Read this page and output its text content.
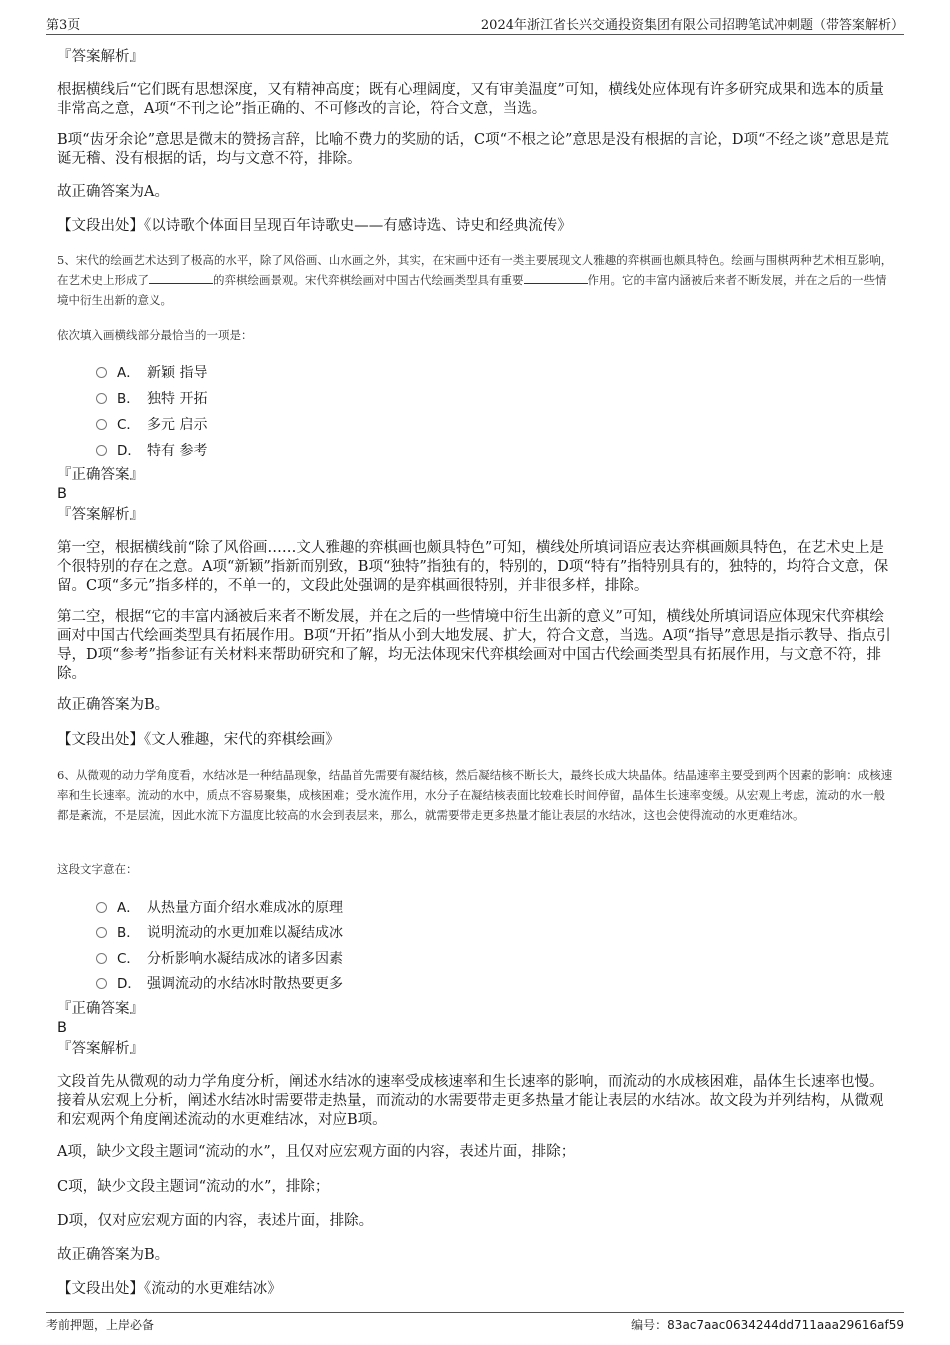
第3页	2024年浙江省长兴交通投资集团有限公司招聘笔试冲刺题（带答案解析）
『答案解析』
根据横线后“它们既有思想深度，又有精神高度；既有心理阔度，又有审美温度”可知，横线处应体现有许多研究成果和选本的质量非常高之意，A项“不刊之论”指正确的、不可修改的言论，符合文意，当选。
B项“齿牙余论”意思是微末的赞扬言辞，比喻不费力的奖励的话，C项“不根之论”意思是没有根据的言论，D项“不经之谈”意思是荒诞无稽、没有根据的话，均与文意不符，排除。
故正确答案为A。
【文段出处】《以诗歌个体面目呈现百年诗歌史——有感诗选、诗史和经典流传》
5、宋代的绘画艺术达到了极高的水平，除了风俗画、山水画之外，其实，在宋画中还有一类主要展现文人雅趣的弈棋画也颇具特色。绘画与围棋两种艺术相互影响，在艺术史上形成了	的弈棋绘画景观。宋代弈棋绘画对中国古代绘画类型具有重要	作用。它的丰富内涵被后来者不断发展，并在之后的一些情境中衍生出新的意义。
依次填入画横线部分最恰当的一项是：
A． 新颖 指导
B． 独特 开拓
C． 多元 启示
D． 特有 参考
『正确答案』
B
『答案解析』
第一空，根据横线前“除了风俗画……文人雅趣的弈棋画也颇具特色”可知，横线处所填词语应表达弈棋画颇具特色，在艺术史上是个很特别的存在之意。A项“新颖”指新而别致，B项“独特”指独有的，特别的，D项“特有”指特别具有的，独特的，均符合文意，保留。C项“多元”指多样的，不单一的，文段此处强调的是弈棋画很特别，并非很多样，排除。
第二空，根据“它的丰富内涵被后来者不断发展，并在之后的一些情境中衍生出新的意义”可知，横线处所填词语应体现宋代弈棋绘画对中国古代绘画类型具有拓展作用。B项“开拓”指从小到大地发展、扩大，符合文意，当选。A项“指导”意思是指示教导、指点引导，D项“参考”指参证有关材料来帮助研究和了解，均无法体现宋代弈棋绘画对中国古代绘画类型具有拓展作用，与文意不符，排除。
故正确答案为B。
【文段出处】《文人雅趣，宋代的弈棋绘画》
6、从微观的动力学角度看，水结冰是一种结晶现象，结晶首先需要有凝结核，然后凝结核不断长大，最终长成大块晶体。结晶速率主要受到两个因素的影响：成核速率和生长速率。流动的水中，质点不容易聚集，成核困难；受水流作用，水分子在凝结核表面比较难长时间停留，晶体生长速率变缓。从宏观上考虑，流动的水一般都是紊流，不是层流，因此水流下方温度比较高的水会到表层来，那么，就需要带走更多热量才能让表层的水结冰，这也会使得流动的水更难结冰。
这段文字意在：
A． 从热量方面介绍水难成冰的原理
B． 说明流动的水更加难以凝结成冰
C． 分析影响水凝结成冰的诸多因素
D． 强调流动的水结冰时散热要更多
『正确答案』
B
『答案解析』
文段首先从微观的动力学角度分析，阐述水结冰的速率受成核速率和生长速率的影响，而流动的水成核困难，晶体生长速率也慢。接着从宏观上分析，阐述水结冰时需要带走热量，而流动的水需要带走更多热量才能让表层的水结冰。故文段为并列结构，从微观和宏观两个角度阐述流动的水更难结冰，对应B项。
A项，缺少文段主题词“流动的水”，且仅对应宏观方面的内容，表述片面，排除；
C项，缺少文段主题词“流动的水”，排除；
D项，仅对应宏观方面的内容，表述片面，排除。
故正确答案为B。
【文段出处】《流动的水更难结冰》
考前押题，上岸必备	编号：83ac7aac0634244dd711aaa29616af59
